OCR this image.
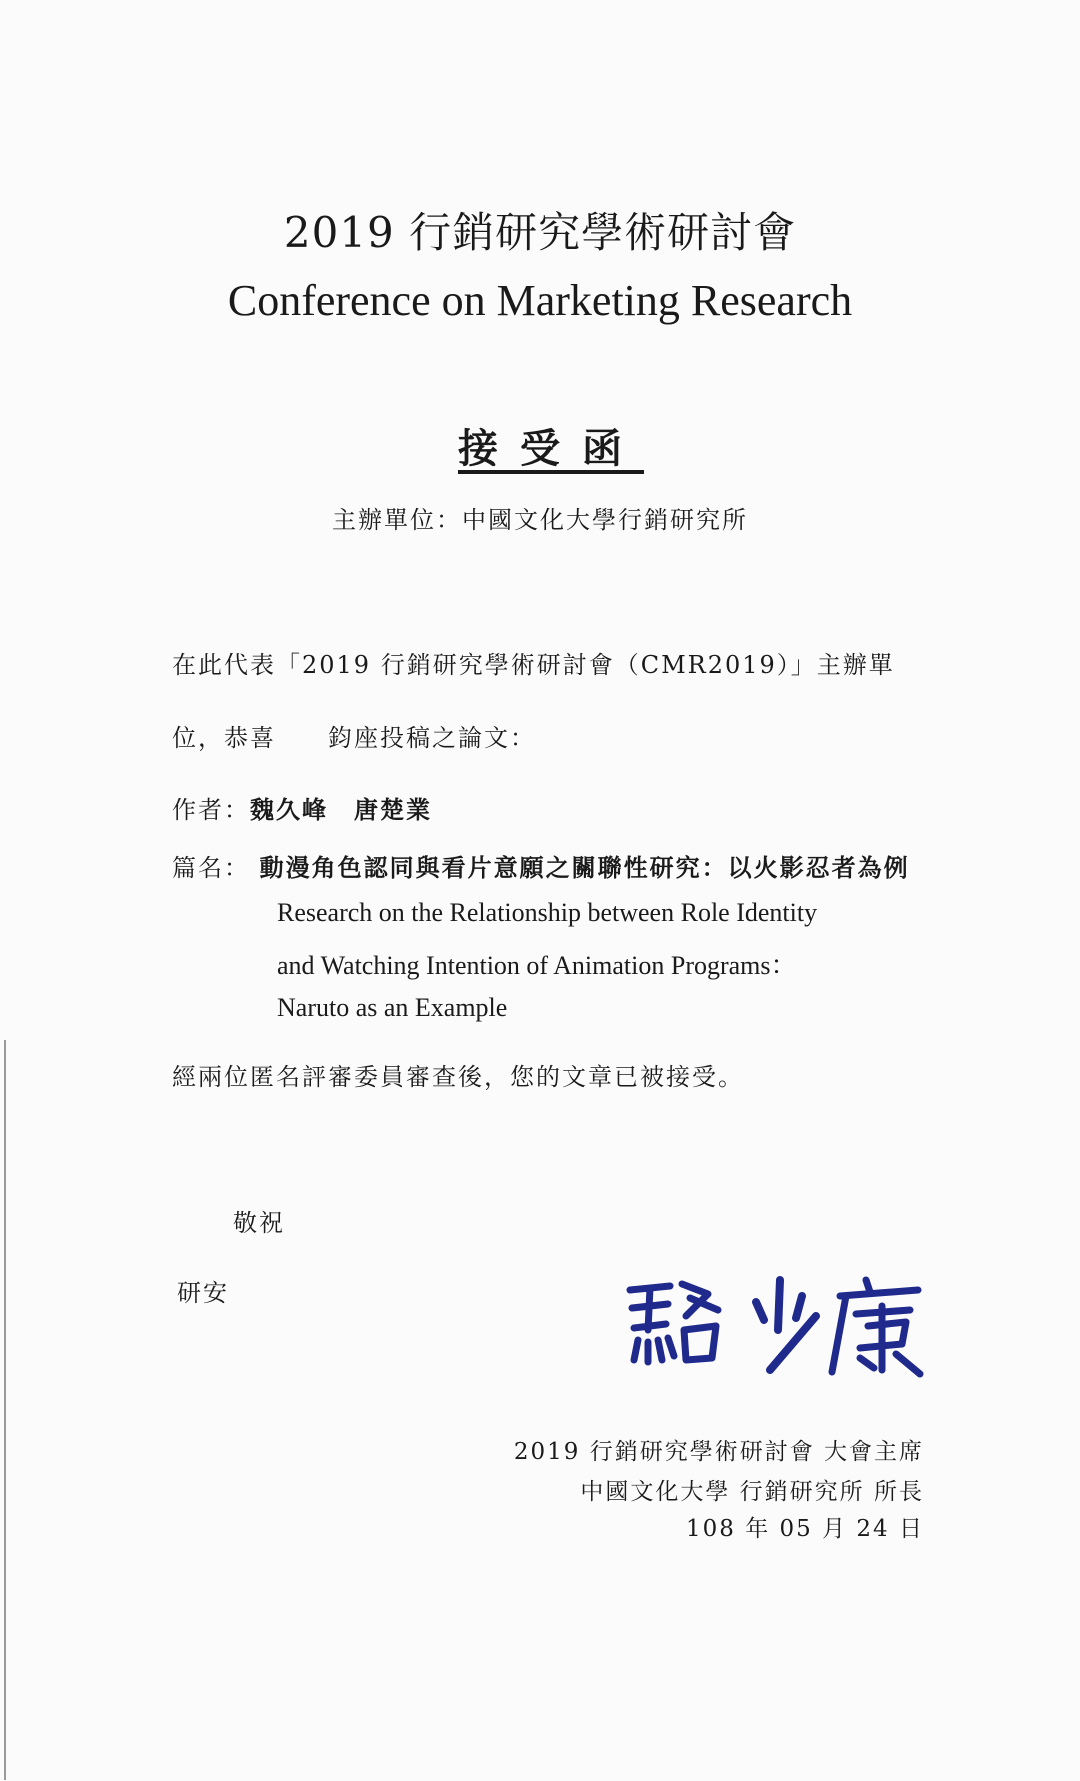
2019 行銷研究學術研討會
Conference on Marketing Research
接受函
主辦單位：中國文化大學行銷研究所
在此代表「2019 行銷研究學術研討會（CMR2019）」主辦單
位，恭喜　　鈞座投稿之論文：
作者：魏久峰 唐楚業
篇名： 動漫角色認同與看片意願之關聯性研究：以火影忍者為例
Research on the Relationship between Role Identity
and Watching Intention of Animation Programs：
Naruto as an Example
經兩位匿名評審委員審查後，您的文章已被接受。
敬祝
研安
2019 行銷研究學術研討會 大會主席
中國文化大學 行銷研究所 所長
108 年 05 月 24 日
